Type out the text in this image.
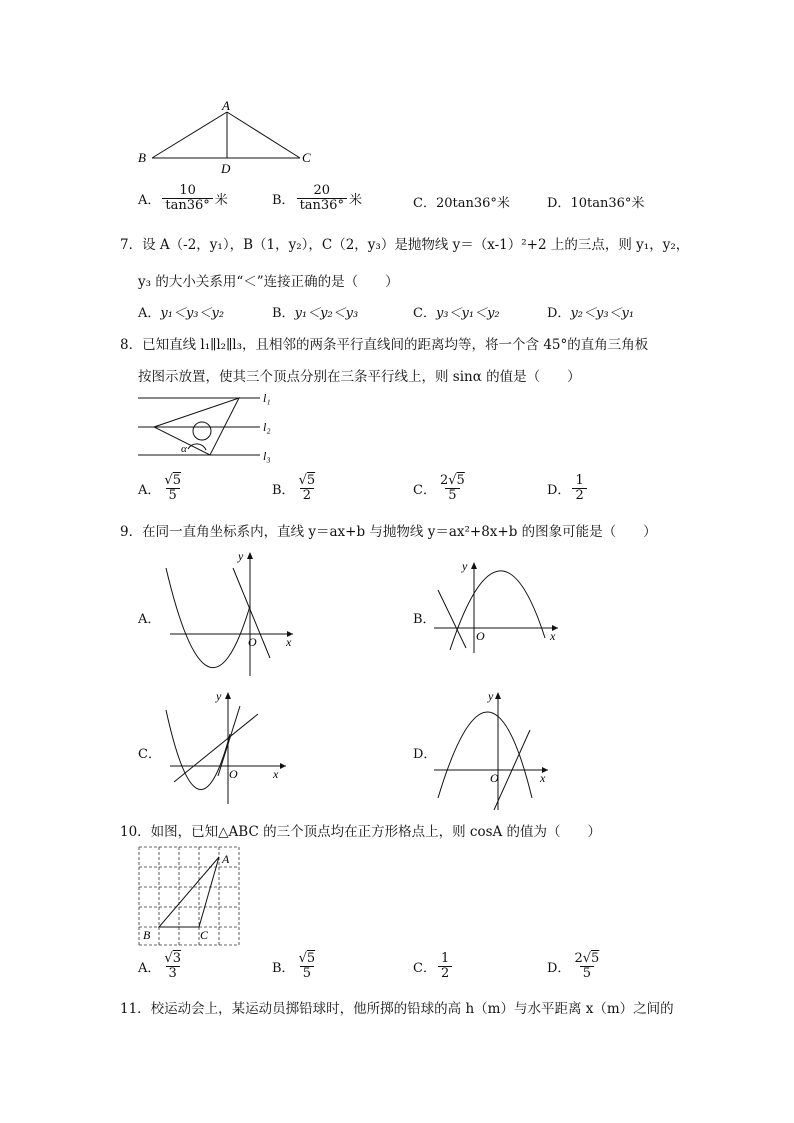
A
B	C
D
A． $\frac{10}{\tan 36^\circ}$ 米	B． $\frac{20}{\tan 36^\circ}$ 米	C． 20tan36°米	D． 10tan36°米
7．设 A（-2，y₁），B（1，y₂），C（2，y₃）是抛物线 y＝（x-1）²+2 上的三点，则 y₁，y₂，
y₃ 的大小关系用“＜”连接正确的是（　　）
A． y₁＜y₃＜y₂	B． y₁＜y₂＜y₃	C． y₃＜y₁＜y₂	D． y₂＜y₃＜y₁
8．已知直线 l₁∥l₂∥l₃，且相邻的两条平行直线间的距离均等，将一个含 45°的直角三角板
按图示放置，使其三个顶点分别在三条平行线上，则 sinα 的值是（　　）
l₁
l₂
l₃
α
A． $\frac{√5}{5}$	B． $\frac{√5}{2}$	C． $\frac{2√5}{5}$	D． $\frac{1}{2}$
9．在同一直角坐标系内，直线 y＝ax+b 与抛物线 y＝ax²+8x+b 的图象可能是（　　）
A．
x
y
O
B．
x
y
O
C．
x
y
O
D．
x
y
O
10．如图，已知△ABC 的三个顶点均在正方形格点上，则 cosA 的值为（　　）
A
B	C
A． $\frac{√3}{3}$	B． $\frac{√5}{5}$	C． $\frac{1}{2}$	D． $\frac{2√5}{5}$
11．校运动会上，某运动员掷铅球时，他所掷的铅球的高 h（m）与水平距离 x（m）之间的
